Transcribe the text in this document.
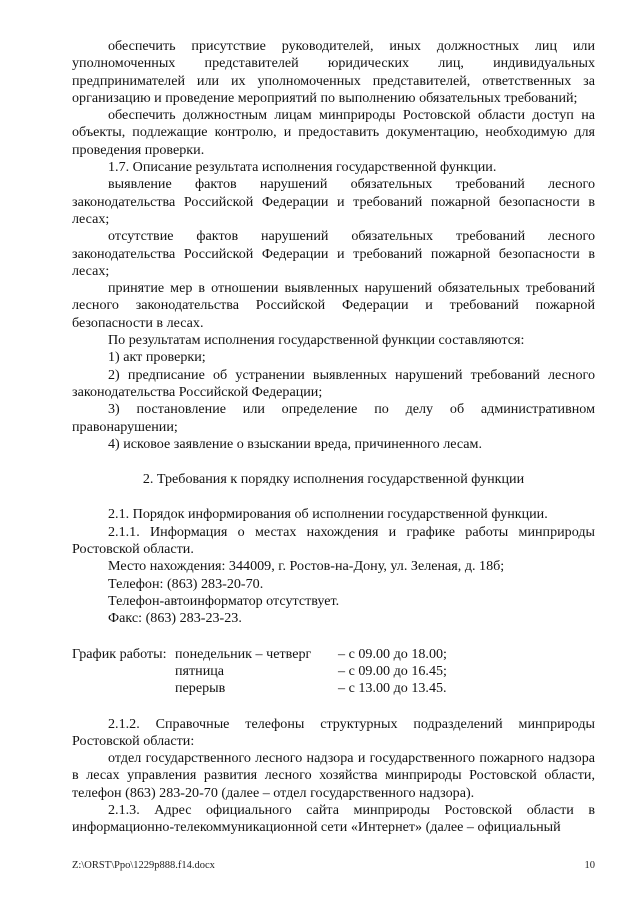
обеспечить присутствие руководителей, иных должностных лиц или уполномоченных представителей юридических лиц, индивидуальных предпринимателей или их уполномоченных представителей, ответственных за организацию и проведение мероприятий по выполнению обязательных требований;

обеспечить должностным лицам минприроды Ростовской области доступ на объекты, подлежащие контролю, и предоставить документацию, необходимую для проведения проверки.

1.7. Описание результата исполнения государственной функции.

выявление фактов нарушений обязательных требований лесного законодательства Российской Федерации и требований пожарной безопасности в лесах;

отсутствие фактов нарушений обязательных требований лесного законодательства Российской Федерации и требований пожарной безопасности в лесах;

принятие мер в отношении выявленных нарушений обязательных требований лесного законодательства Российской Федерации и требований пожарной безопасности в лесах.

По результатам исполнения государственной функции составляются:

1) акт проверки;

2) предписание об устранении выявленных нарушений требований лесного законодательства Российской Федерации;

3) постановление или определение по делу об административном правонарушении;

4) исковое заявление о взыскании вреда, причиненного лесам.

2. Требования к порядку исполнения государственной функции

2.1. Порядок информирования об исполнении государственной функции.

2.1.1. Информация о местах нахождения и графике работы минприроды Ростовской области.

Место нахождения: 344009, г. Ростов-на-Дону, ул. Зеленая, д. 18б;

Телефон: (863) 283-20-70.

Телефон-автоинформатор отсутствует.

Факс: (863) 283-23-23.

График работы: понедельник – четверг – с 09.00 до 18.00;
пятница	– с 09.00 до 16.45;
перерыв	– с 13.00 до 13.45.

2.1.2. Справочные телефоны структурных подразделений минприроды Ростовской области:

отдел государственного лесного надзора и государственного пожарного надзора в лесах управления развития лесного хозяйства минприроды Ростовской области, телефон (863) 283-20-70 (далее – отдел государственного надзора).

2.1.3. Адрес официального сайта минприроды Ростовской области в информационно-телекоммуникационной сети «Интернет» (далее – официальный

Z:\ORST\Ppo\1229p888.f14.docx	10
